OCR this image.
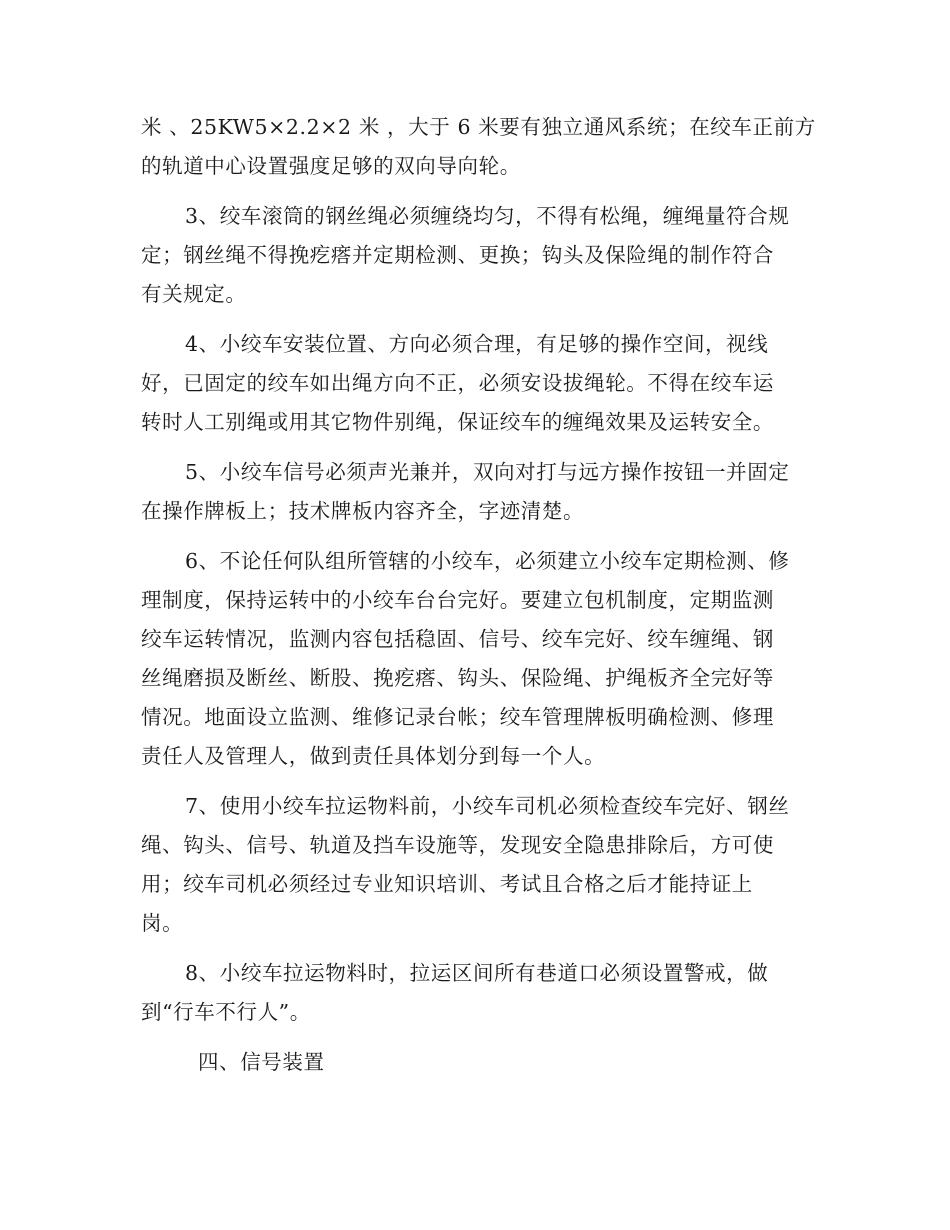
米 、25KW5×2.2×2 米 ，大于 6 米要有独立通风系统；在绞车正前方
的轨道中心设置强度足够的双向导向轮。

3、绞车滚筒的钢丝绳必须缠绕均匀，不得有松绳，缠绳量符合规
定；钢丝绳不得挽疙瘩并定期检测、更换；钩头及保险绳的制作符合
有关规定。

4、小绞车安装位置、方向必须合理，有足够的操作空间，视线
好，已固定的绞车如出绳方向不正，必须安设拔绳轮。不得在绞车运
转时人工别绳或用其它物件别绳，保证绞车的缠绳效果及运转安全。

5、小绞车信号必须声光兼并，双向对打与远方操作按钮一并固定
在操作牌板上；技术牌板内容齐全，字迹清楚。

6、不论任何队组所管辖的小绞车，必须建立小绞车定期检测、修
理制度，保持运转中的小绞车台台完好。要建立包机制度，定期监测
绞车运转情况，监测内容包括稳固、信号、绞车完好、绞车缠绳、钢
丝绳磨损及断丝、断股、挽疙瘩、钩头、保险绳、护绳板齐全完好等
情况。地面设立监测、维修记录台帐；绞车管理牌板明确检测、修理
责任人及管理人，做到责任具体划分到每一个人。

7、使用小绞车拉运物料前，小绞车司机必须检查绞车完好、钢丝
绳、钩头、信号、轨道及挡车设施等，发现安全隐患排除后，方可使
用；绞车司机必须经过专业知识培训、考试且合格之后才能持证上
岗。

8、小绞车拉运物料时，拉运区间所有巷道口必须设置警戒，做
到“行车不行人”。

四、信号装置
